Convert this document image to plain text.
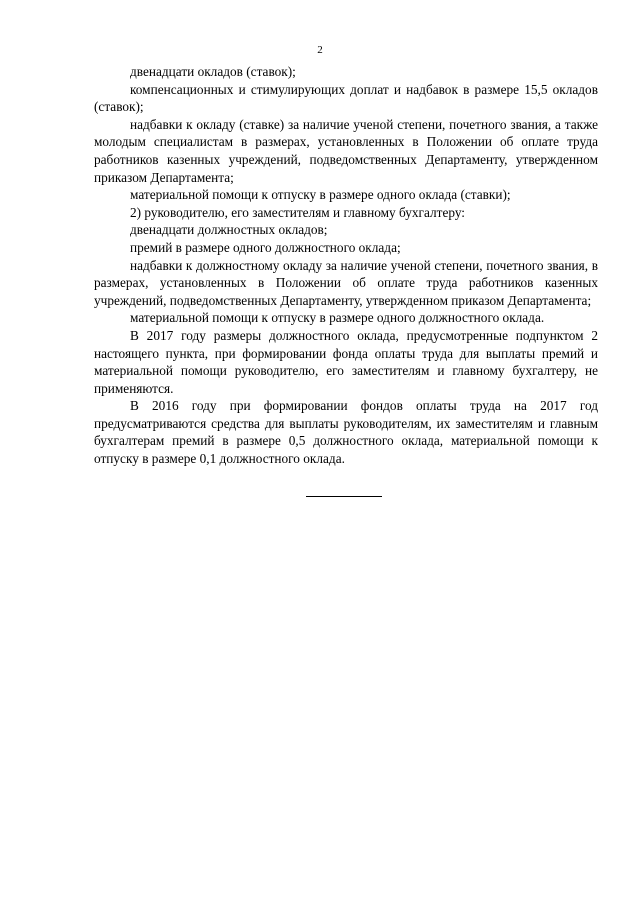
2

двенадцати окладов (ставок);

компенсационных и стимулирующих доплат и надбавок в размере 15,5 окладов (ставок);

надбавки к окладу (ставке) за наличие ученой степени, почетного звания, а также молодым специалистам в размерах, установленных в Положении об оплате труда работников казенных учреждений, подведомственных Департаменту, утвержденном приказом Департамента;

материальной помощи к отпуску в размере одного оклада (ставки);

2) руководителю, его заместителям и главному бухгалтеру:

двенадцати должностных окладов;

премий в размере одного должностного оклада;

надбавки к должностному окладу за наличие ученой степени, почетного звания, в размерах, установленных в Положении об оплате труда работников казенных учреждений, подведомственных Департаменту, утвержденном приказом Департамента;

материальной помощи к отпуску в размере одного должностного оклада.

В 2017 году размеры должностного оклада, предусмотренные подпунктом 2 настоящего пункта, при формировании фонда оплаты труда для выплаты премий и материальной помощи руководителю, его заместителям и главному бухгалтеру, не применяются.

В 2016 году при формировании фондов оплаты труда на 2017 год предусматриваются средства для выплаты руководителям, их заместителям и главным бухгалтерам премий в размере 0,5 должностного оклада, материальной помощи к отпуску в размере 0,1 должностного оклада.
